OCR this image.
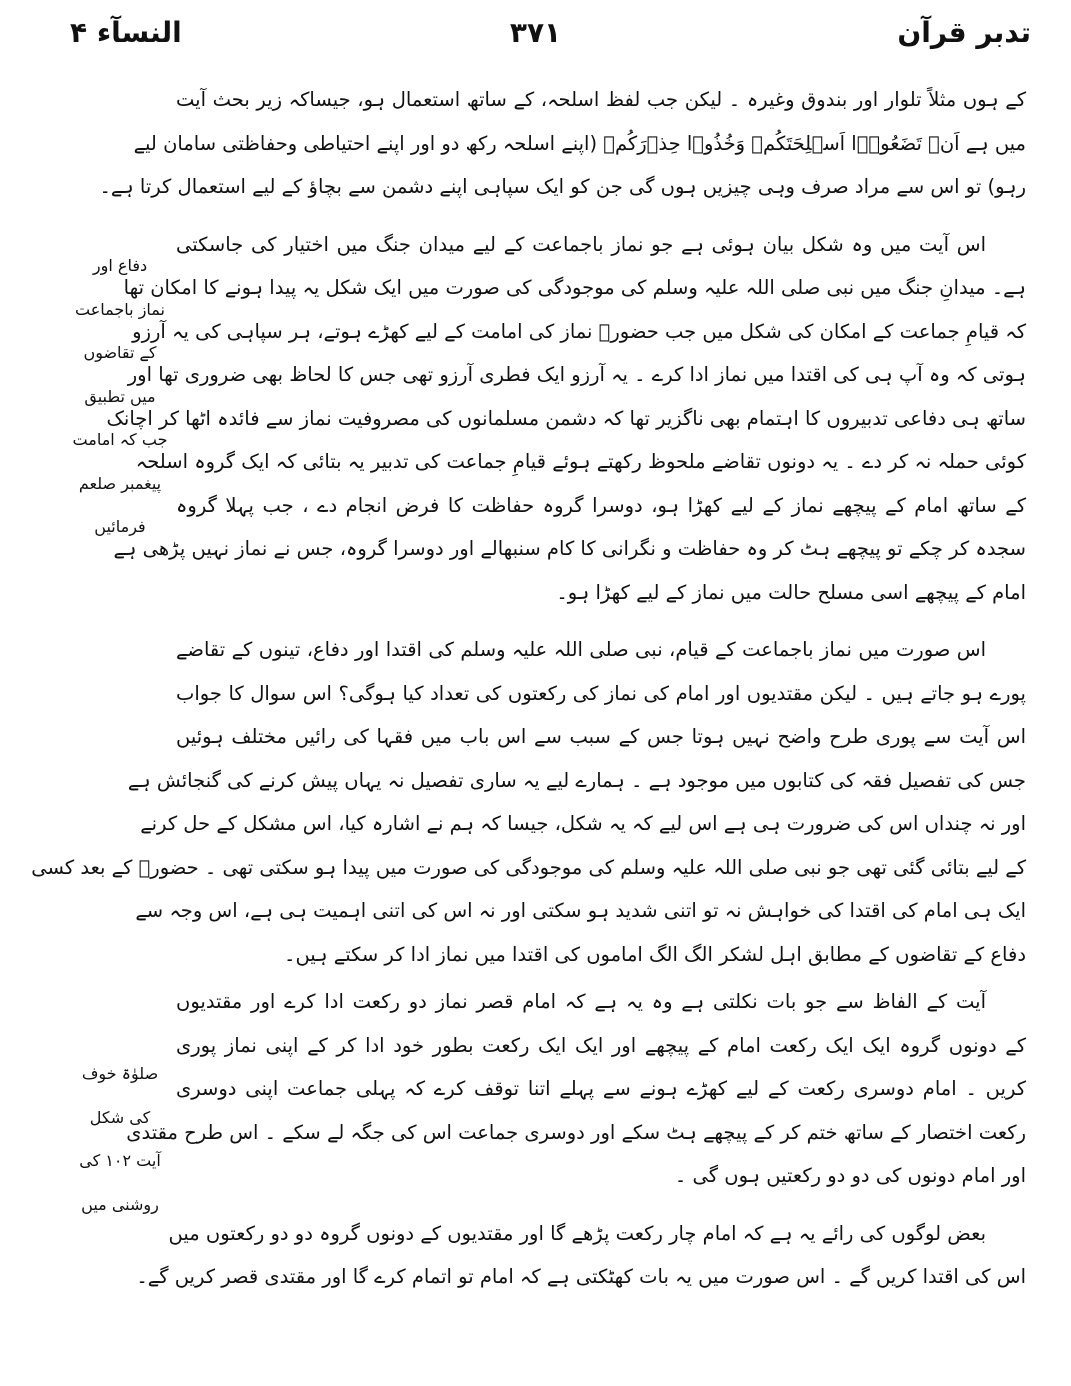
تدبر قرآن
۳۷۱
النسآء ۴
کے ہوں مثلاً تلوار اور بندوق وغیرہ ۔ لیکن جب لفظ اسلحہ، کے ساتھ استعمال ہو، جیساکہ زیر بحث آیت
میں ہے اَنۡ تَضَعُوۡۤا اَسۡلِحَتَکُمۡ وَخُذُوۡا حِذۡرَکُمۡ (اپنے اسلحہ رکھ دو اور اپنے احتیاطی وحفاظتی سامان لیے
رہو) تو اس سے مراد صرف وہی چیزیں ہوں گی جن کو ایک سپاہی اپنے دشمن سے بچاؤ کے لیے استعمال کرتا ہے۔
اس آیت میں وہ شکل بیان ہوئی ہے جو نماز باجماعت کے لیے میدان جنگ میں اختیار کی جاسکتی
ہے۔ میدانِ جنگ میں نبی صلی اللہ علیہ وسلم کی موجودگی کی صورت میں ایک شکل یہ پیدا ہونے کا امکان تھا
کہ قیامِ جماعت کے امکان کی شکل میں جب حضورؐ نماز کی امامت کے لیے کھڑے ہوتے، ہر سپاہی کی یہ آرزو
ہوتی کہ وہ آپ ہی کی اقتدا میں نماز ادا کرے ۔ یہ آرزو ایک فطری آرزو تھی جس کا لحاظ بھی ضروری تھا اور
ساتھ ہی دفاعی تدبیروں کا اہتمام بھی ناگزیر تھا کہ دشمن مسلمانوں کی مصروفیت نماز سے فائدہ اٹھا کر اچانک
کوئی حملہ نہ کر دے ۔ یہ دونوں تقاضے ملحوظ رکھتے ہوئے قیامِ جماعت کی تدبیر یہ بتائی کہ ایک گروہ اسلحہ
کے ساتھ امام کے پیچھے نماز کے لیے کھڑا ہو، دوسرا گروہ حفاظت کا فرض انجام دے ، جب پہلا گروہ
سجدہ کر چکے تو پیچھے ہٹ کر وہ حفاظت و نگرانی کا کام سنبھالے اور دوسرا گروہ، جس نے نماز نہیں پڑھی ہے
امام کے پیچھے اسی مسلح حالت میں نماز کے لیے کھڑا ہو۔
اس صورت میں نماز باجماعت کے قیام، نبی صلی اللہ علیہ وسلم کی اقتدا اور دفاع، تینوں کے تقاضے
پورے ہو جاتے ہیں ۔ لیکن مقتدیوں اور امام کی نماز کی رکعتوں کی تعداد کیا ہوگی؟ اس سوال کا جواب
اس آیت سے پوری طرح واضح نہیں ہوتا جس کے سبب سے اس باب میں فقہا کی رائیں مختلف ہوئیں
جس کی تفصیل فقہ کی کتابوں میں موجود ہے ۔ ہمارے لیے یہ ساری تفصیل نہ یہاں پیش کرنے کی گنجائش ہے
اور نہ چنداں اس کی ضرورت ہی ہے اس لیے کہ یہ شکل، جیسا کہ ہم نے اشارہ کیا، اس مشکل کے حل کرنے
کے لیے بتائی گئی تھی جو نبی صلی اللہ علیہ وسلم کی موجودگی کی صورت میں پیدا ہو سکتی تھی ۔ حضورؐ کے بعد کسی
ایک ہی امام کی اقتدا کی خواہش نہ تو اتنی شدید ہو سکتی اور نہ اس کی اتنی اہمیت ہی ہے، اس وجہ سے
دفاع کے تقاضوں کے مطابق اہل لشکر الگ الگ اماموں کی اقتدا میں نماز ادا کر سکتے ہیں۔
آیت کے الفاظ سے جو بات نکلتی ہے وہ یہ ہے کہ امام قصر نماز دو رکعت ادا کرے اور مقتدیوں
کے دونوں گروہ ایک ایک رکعت امام کے پیچھے اور ایک ایک رکعت بطور خود ادا کر کے اپنی نماز پوری
کریں ۔ امام دوسری رکعت کے لیے کھڑے ہونے سے پہلے اتنا توقف کرے کہ پہلی جماعت اپنی دوسری
رکعت اختصار کے ساتھ ختم کر کے پیچھے ہٹ سکے اور دوسری جماعت اس کی جگہ لے سکے ۔ اس طرح مقتدی
اور امام دونوں کی دو دو رکعتیں ہوں گی ۔
بعض لوگوں کی رائے یہ ہے کہ امام چار رکعت پڑھے گا اور مقتدیوں کے دونوں گروہ دو دو رکعتوں میں
اس کی اقتدا کریں گے ۔ اس صورت میں یہ بات کھٹکتی ہے کہ امام تو اتمام کرے گا اور مقتدی قصر کریں گے۔
دفاع اور
نماز باجماعت
کے تقاضوں
میں تطبیق
جب کہ امامت
پیغمبر صلعم
فرمائیں
صلوٰۃ خوف
کی شکل
آیت ۱۰۲ کی
روشنی میں
